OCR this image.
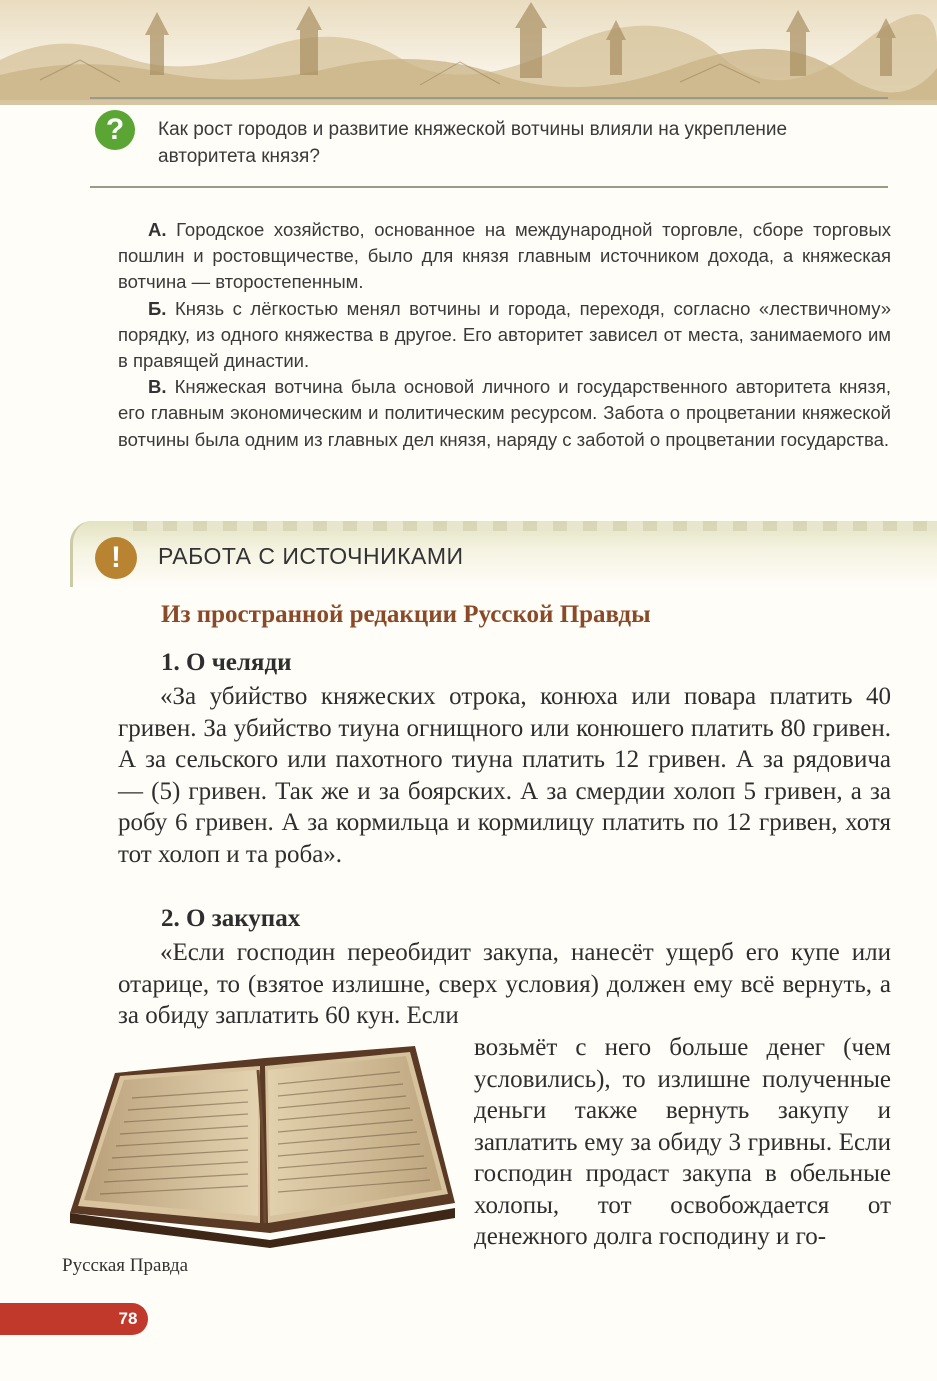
?	Как рост городов и развитие княжеской вотчины влияли на укрепление авторитета князя?

А. Городское хозяйство, основанное на международной торговле, сборе торговых пошлин и ростовщичестве, было для князя главным источником дохода, а княжеская вотчина — второстепенным.

Б. Князь с лёгкостью менял вотчины и города, переходя, согласно «лествичному» порядку, из одного княжества в другое. Его авторитет зависел от места, занимаемого им в правящей династии.

В. Княжеская вотчина была основой личного и государственного авторитета князя, его главным экономическим и политическим ресурсом. Забота о процветании княжеской вотчины была одним из главных дел князя, наряду с заботой о процветании государства.

!	РАБОТА С ИСТОЧНИКАМИ
Из пространной редакции Русской Правды
1. О челяди

«За убийство княжеских отрока, конюха или повара платить 40 гривен. За убийство тиуна огнищного или конюшего платить 80 гривен. А за сельского или пахотного тиуна платить 12 гривен. А за рядовича — (5) гривен. Так же и за боярских. А за смердии холоп 5 гривен, а за робу 6 гривен. А за кормильца и кормилицу платить по 12 гривен, хотя тот холоп и та роба».

2. О закупах

«Если господин переобидит закупа, нанесёт ущерб его купе или отарице, то (взятое излишне, сверх условия) должен ему всё вернуть, а за обиду заплатить 60 кун. Если

возьмёт с него больше денег (чем условились), то излишне полученные деньги также вернуть закупу и заплатить ему за обиду 3 гривны. Если господин продаст закупа в обельные холопы, тот освобождается от денежного долга господину и го-

Русская Правда
78
